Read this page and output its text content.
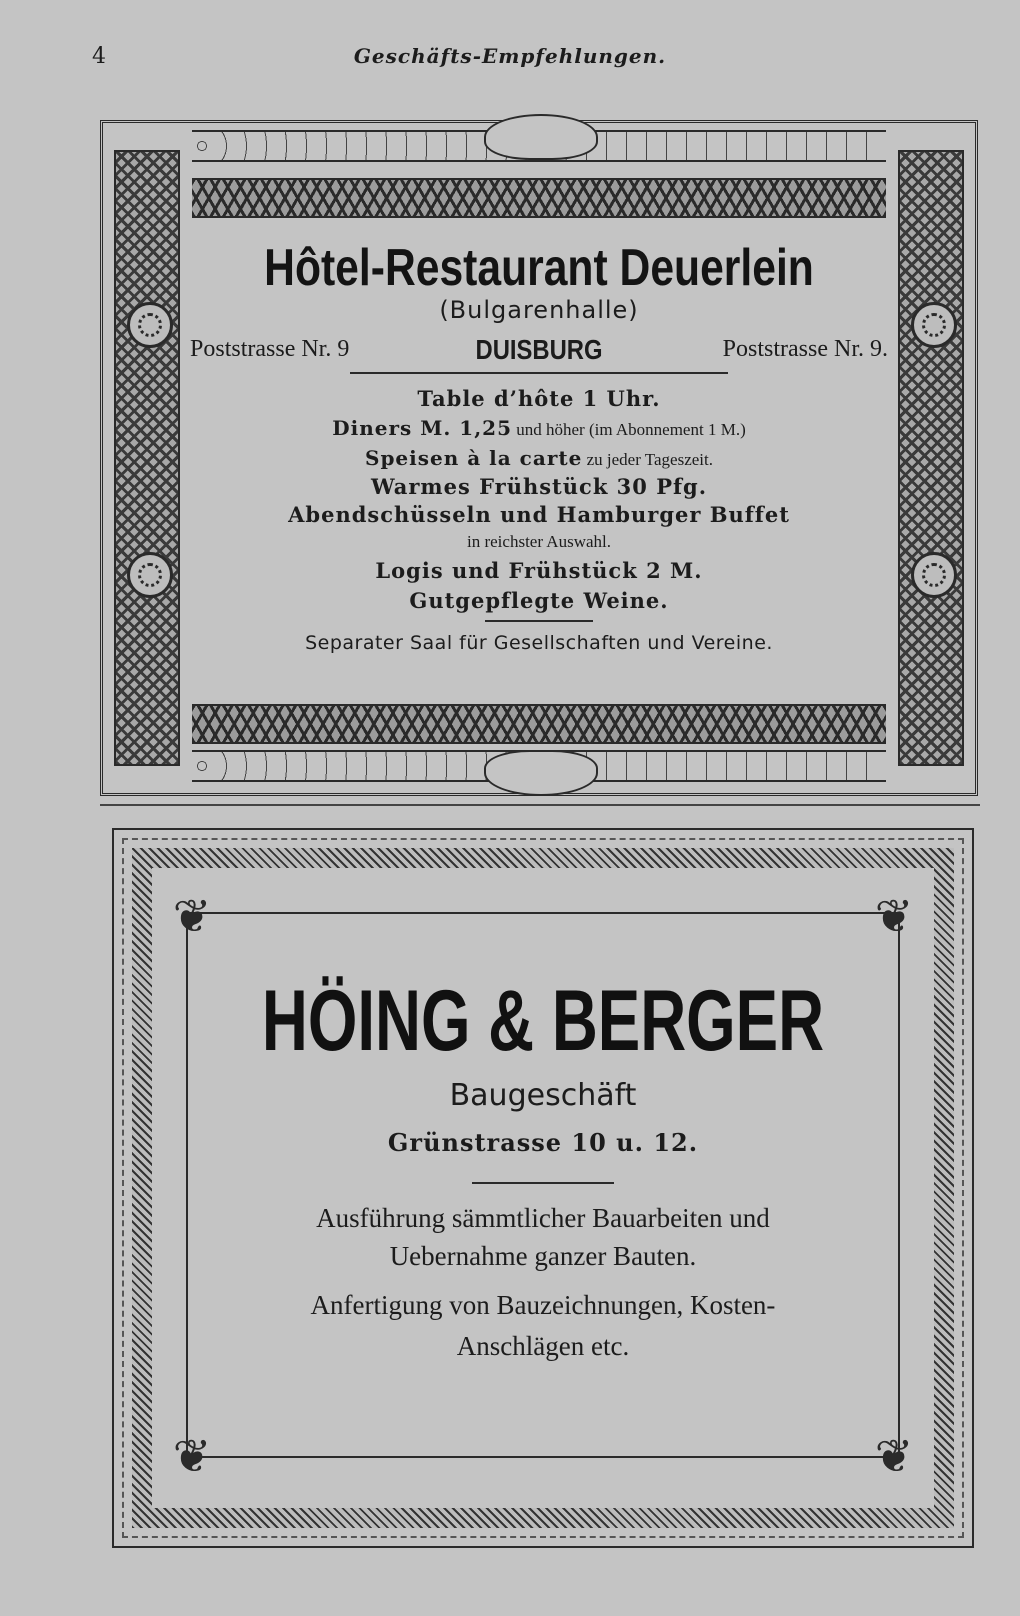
4	Geschäfts-Empfehlungen.
Hôtel-Restaurant Deuerlein
(Bulgarenhalle)
Poststrasse Nr. 9	DUISBURG	Poststrasse Nr. 9.
Table d’hôte 1 Uhr.
Diners M. 1,25 und höher (im Abonnement 1 M.)
Speisen à la carte zu jeder Tageszeit.
Warmes Frühstück 30 Pfg.
Abendschüsseln und Hamburger Buffet
in reichster Auswahl.
Logis und Frühstück 2 M.
Gutgepflegte Weine.
Separater Saal für Gesellschaften und Vereine.
❦	❦
❦	❦
HÖING & BERGER
Baugeschäft
Grünstrasse 10 u. 12.
Ausführung sämmtlicher Bauarbeiten und
Uebernahme ganzer Bauten.
Anfertigung von Bauzeichnungen, Kosten-
Anschlägen etc.
